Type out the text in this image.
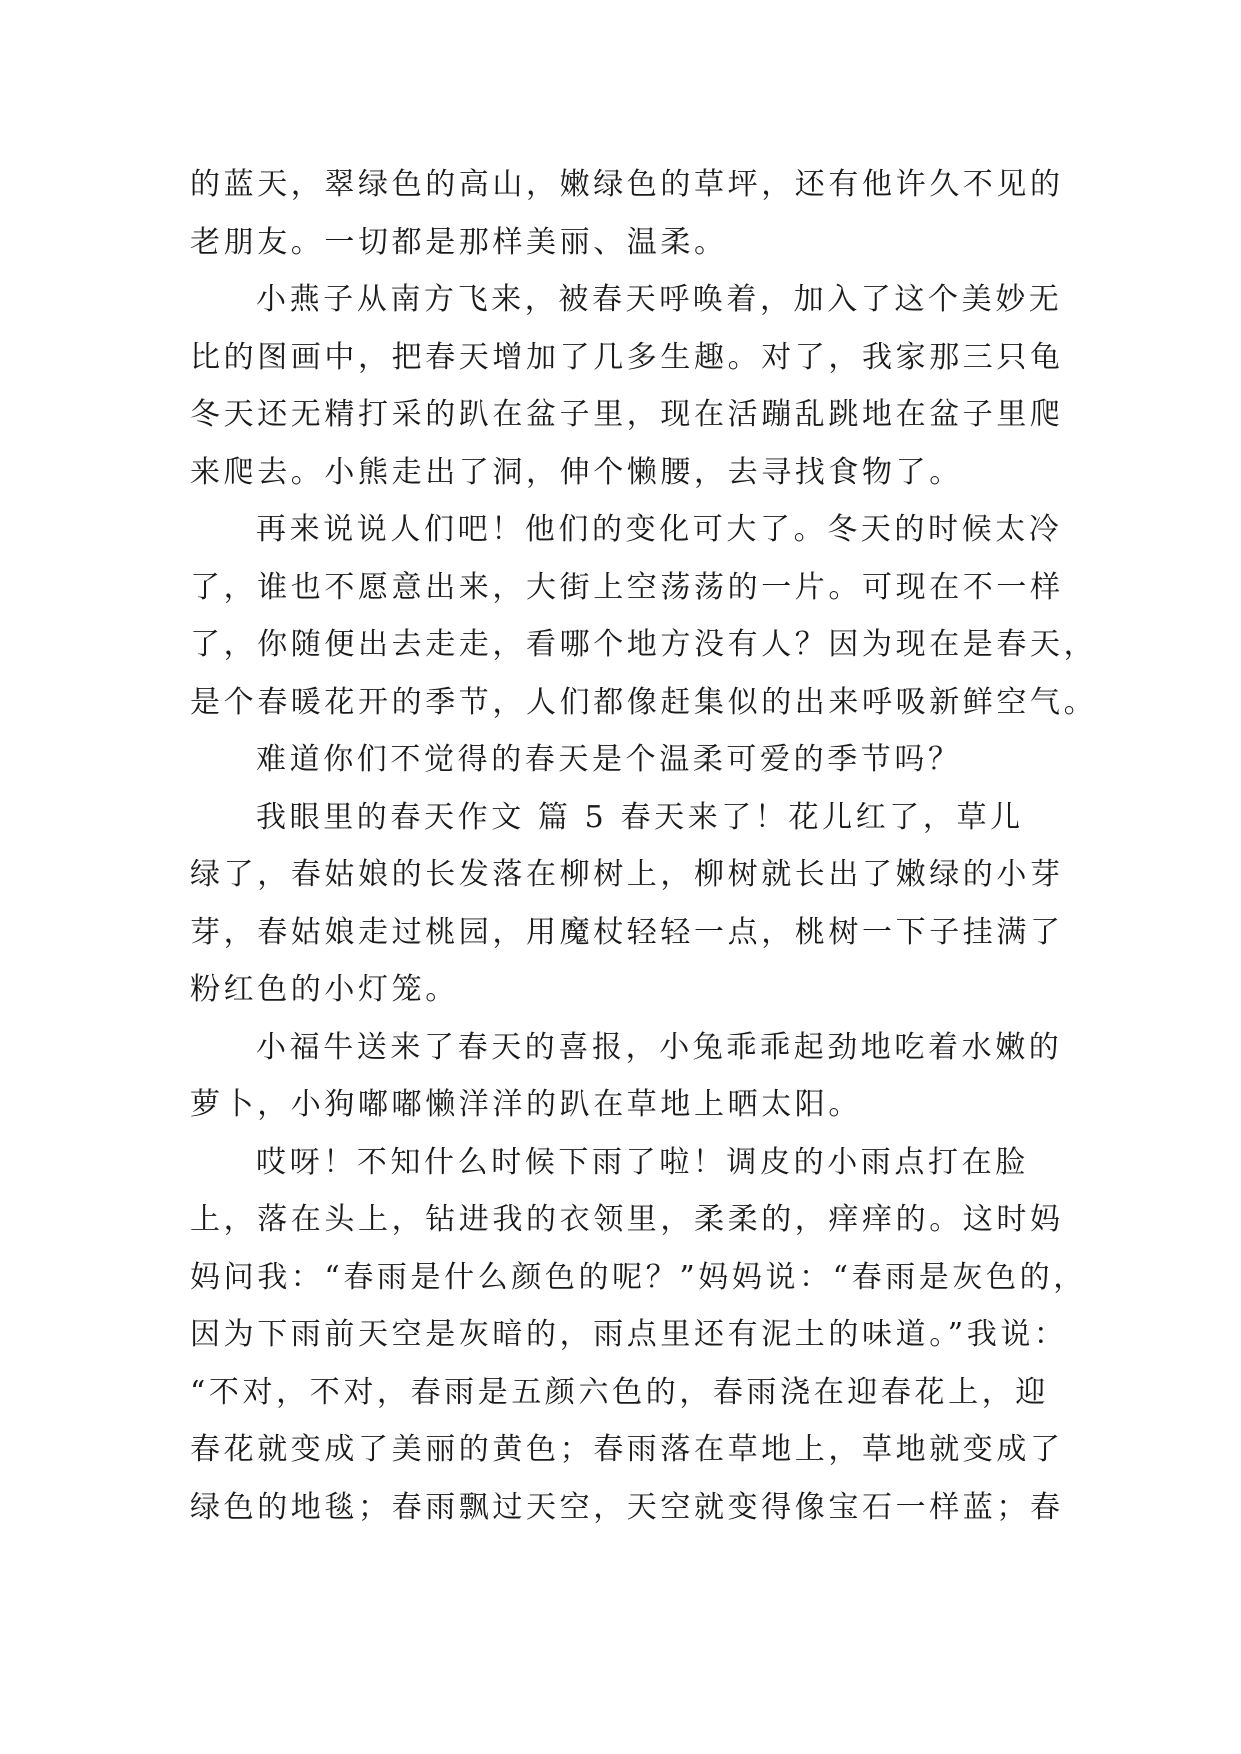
的蓝天，翠绿色的高山，嫩绿色的草坪，还有他许久不见的
老朋友。一切都是那样美丽、温柔。
小燕子从南方飞来，被春天呼唤着，加入了这个美妙无
比的图画中，把春天增加了几多生趣。对了，我家那三只龟
冬天还无精打采的趴在盆子里，现在活蹦乱跳地在盆子里爬
来爬去。小熊走出了洞，伸个懒腰，去寻找食物了。
再来说说人们吧！他们的变化可大了。冬天的时候太冷
了，谁也不愿意出来，大街上空荡荡的一片。可现在不一样
了，你随便出去走走，看哪个地方没有人？因为现在是春天，
是个春暖花开的季节，人们都像赶集似的出来呼吸新鲜空气。
难道你们不觉得的春天是个温柔可爱的季节吗？
我眼里的春天作文 篇 5 春天来了！花儿红了，草儿
绿了，春姑娘的长发落在柳树上，柳树就长出了嫩绿的小芽
芽，春姑娘走过桃园，用魔杖轻轻一点，桃树一下子挂满了
粉红色的小灯笼。
小福牛送来了春天的喜报，小兔乖乖起劲地吃着水嫩的
萝卜，小狗嘟嘟懒洋洋的趴在草地上晒太阳。
哎呀！不知什么时候下雨了啦！调皮的小雨点打在脸
上，落在头上，钻进我的衣领里，柔柔的，痒痒的。这时妈
妈问我：“春雨是什么颜色的呢？”妈妈说：“春雨是灰色的，
因为下雨前天空是灰暗的，雨点里还有泥土的味道。”我说：
“不对，不对，春雨是五颜六色的，春雨浇在迎春花上，迎
春花就变成了美丽的黄色；春雨落在草地上，草地就变成了
绿色的地毯；春雨飘过天空，天空就变得像宝石一样蓝；春
